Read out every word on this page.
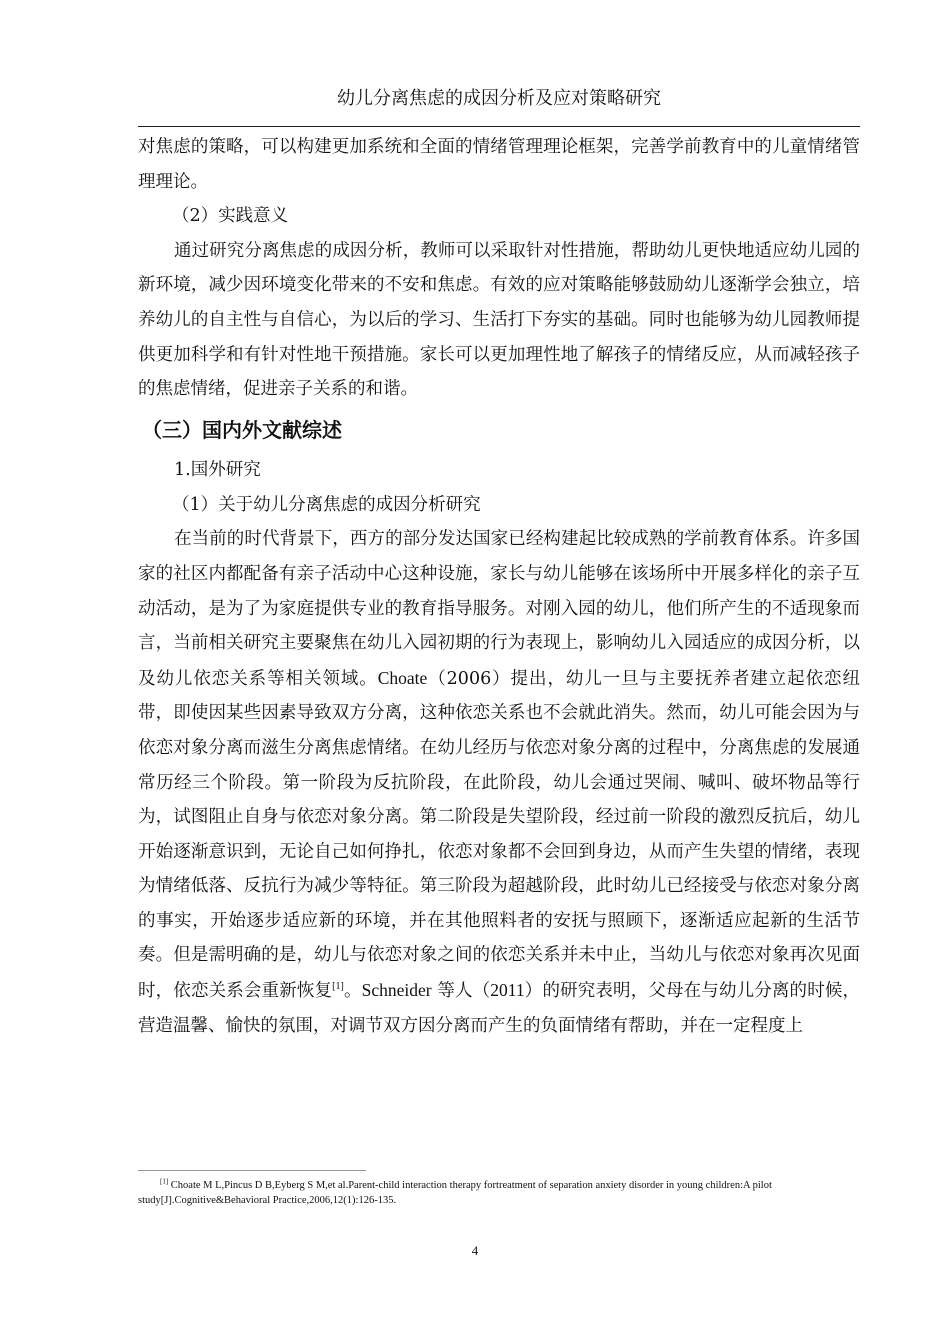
幼儿分离焦虑的成因分析及应对策略研究

对焦虑的策略，可以构建更加系统和全面的情绪管理理论框架，完善学前教育中的儿童情绪管理理论。

（2）实践意义

通过研究分离焦虑的成因分析，教师可以采取针对性措施，帮助幼儿更快地适应幼儿园的新环境，减少因环境变化带来的不安和焦虑。有效的应对策略能够鼓励幼儿逐渐学会独立，培养幼儿的自主性与自信心，为以后的学习、生活打下夯实的基础。同时也能够为幼儿园教师提供更加科学和有针对性地干预措施。家长可以更加理性地了解孩子的情绪反应，从而减轻孩子的焦虑情绪，促进亲子关系的和谐。

（三）国内外文献综述

1.国外研究

（1）关于幼儿分离焦虑的成因分析研究

在当前的时代背景下，西方的部分发达国家已经构建起比较成熟的学前教育体系。许多国家的社区内都配备有亲子活动中心这种设施，家长与幼儿能够在该场所中开展多样化的亲子互动活动，是为了为家庭提供专业的教育指导服务。对刚入园的幼儿，他们所产生的不适现象而言，当前相关研究主要聚焦在幼儿入园初期的行为表现上，影响幼儿入园适应的成因分析，以及幼儿依恋关系等相关领域。Choate（2006）提出，幼儿一旦与主要抚养者建立起依恋纽带，即使因某些因素导致双方分离，这种依恋关系也不会就此消失。然而，幼儿可能会因为与依恋对象分离而滋生分离焦虑情绪。在幼儿经历与依恋对象分离的过程中，分离焦虑的发展通常历经三个阶段。第一阶段为反抗阶段，在此阶段，幼儿会通过哭闹、喊叫、破坏物品等行为，试图阻止自身与依恋对象分离。第二阶段是失望阶段，经过前一阶段的激烈反抗后，幼儿开始逐渐意识到，无论自己如何挣扎，依恋对象都不会回到身边，从而产生失望的情绪，表现为情绪低落、反抗行为减少等特征。第三阶段为超越阶段，此时幼儿已经接受与依恋对象分离的事实，开始逐步适应新的环境，并在其他照料者的安抚与照顾下，逐渐适应起新的生活节奏。但是需明确的是，幼儿与依恋对象之间的依恋关系并未中止，当幼儿与依恋对象再次见面时，依恋关系会重新恢复[1]。Schneider 等人（2011）的研究表明，父母在与幼儿分离的时候，营造温馨、愉快的氛围，对调节双方因分离而产生的负面情绪有帮助，并在一定程度上

[1] Choate M L,Pincus D B,Eyberg S M,et al.Parent-child interaction therapy fortreatment of separation anxiety disorder in young children:A pilot
study[J].Cognitive&Behavioral Practice,2006,12(1):126-135.
4
